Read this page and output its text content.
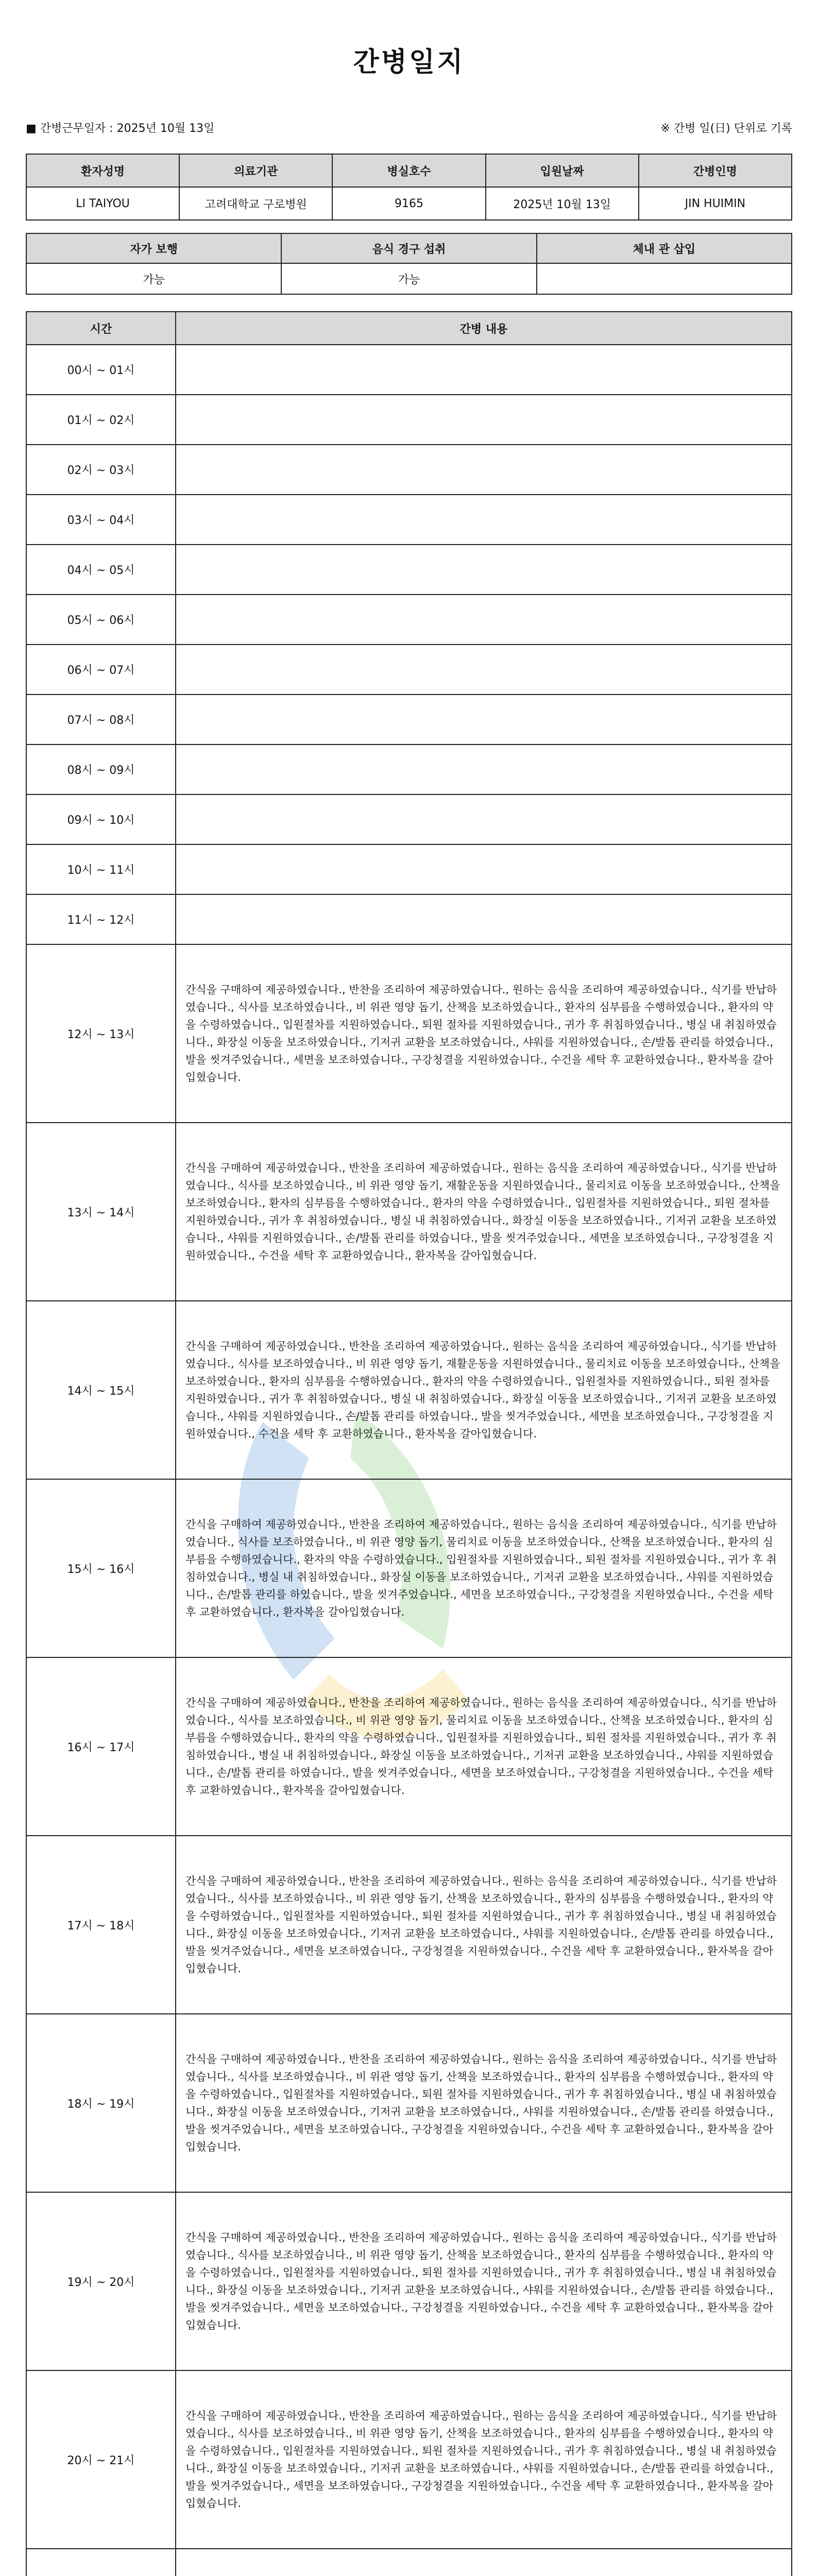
간병일지
■ 간병근무일자 : 2025년 10월 13일	※ 간병 일(日) 단위로 기록
환자성명	의료기관	병실호수	입원날짜	간병인명
LI TAIYOU	고려대학교 구로병원	9165	2025년 10월 13일	JIN HUIMIN
자가 보행	음식 경구 섭취	체내 관 삽입
가능	가능	
시간	간병 내용
00시 ~ 01시	
01시 ~ 02시	
02시 ~ 03시	
03시 ~ 04시	
04시 ~ 05시	
05시 ~ 06시	
06시 ~ 07시	
07시 ~ 08시	
08시 ~ 09시	
09시 ~ 10시	
10시 ~ 11시	
11시 ~ 12시	
12시 ~ 13시	간식을 구매하여 제공하였습니다., 반찬을 조리하여 제공하였습니다., 원하는 음식을 조리하여 제공하였습니다., 식기를 반납하였습니다., 식사를 보조하였습니다., 비 위관 영양 돕기, 산책을 보조하였습니다., 환자의 심부름을 수행하였습니다., 환자의 약을 수령하였습니다., 입원절차를 지원하였습니다., 퇴원 절차를 지원하였습니다., 귀가 후 취침하였습니다., 병실 내 취침하였습니다., 화장실 이동을 보조하였습니다., 기저귀 교환을 보조하였습니다., 샤워를 지원하였습니다., 손/발톱 관리를 하였습니다., 발을 씻겨주었습니다., 세면을 보조하였습니다., 구강청결을 지원하였습니다., 수건을 세탁 후 교환하였습니다., 환자복을 갈아입혔습니다.
13시 ~ 14시	간식을 구매하여 제공하였습니다., 반찬을 조리하여 제공하였습니다., 원하는 음식을 조리하여 제공하였습니다., 식기를 반납하였습니다., 식사를 보조하였습니다., 비 위관 영양 돕기, 재활운동을 지원하였습니다., 물리치료 이동을 보조하였습니다., 산책을 보조하였습니다., 환자의 심부름을 수행하였습니다., 환자의 약을 수령하였습니다., 입원절차를 지원하였습니다., 퇴원 절차를 지원하였습니다., 귀가 후 취침하였습니다., 병실 내 취침하였습니다., 화장실 이동을 보조하였습니다., 기저귀 교환을 보조하였습니다., 샤워를 지원하였습니다., 손/발톱 관리를 하였습니다., 발을 씻겨주었습니다., 세면을 보조하였습니다., 구강청결을 지원하였습니다., 수건을 세탁 후 교환하였습니다., 환자복을 갈아입혔습니다.
14시 ~ 15시	간식을 구매하여 제공하였습니다., 반찬을 조리하여 제공하였습니다., 원하는 음식을 조리하여 제공하였습니다., 식기를 반납하였습니다., 식사를 보조하였습니다., 비 위관 영양 돕기, 재활운동을 지원하였습니다., 물리치료 이동을 보조하였습니다., 산책을 보조하였습니다., 환자의 심부름을 수행하였습니다., 환자의 약을 수령하였습니다., 입원절차를 지원하였습니다., 퇴원 절차를 지원하였습니다., 귀가 후 취침하였습니다., 병실 내 취침하였습니다., 화장실 이동을 보조하였습니다., 기저귀 교환을 보조하였습니다., 샤워를 지원하였습니다., 손/발톱 관리를 하였습니다., 발을 씻겨주었습니다., 세면을 보조하였습니다., 구강청결을 지원하였습니다., 수건을 세탁 후 교환하였습니다., 환자복을 갈아입혔습니다.
15시 ~ 16시	간식을 구매하여 제공하였습니다., 반찬을 조리하여 제공하였습니다., 원하는 음식을 조리하여 제공하였습니다., 식기를 반납하였습니다., 식사를 보조하였습니다., 비 위관 영양 돕기, 물리치료 이동을 보조하였습니다., 산책을 보조하였습니다., 환자의 심부름을 수행하였습니다., 환자의 약을 수령하였습니다., 입원절차를 지원하였습니다., 퇴원 절차를 지원하였습니다., 귀가 후 취침하였습니다., 병실 내 취침하였습니다., 화장실 이동을 보조하였습니다., 기저귀 교환을 보조하였습니다., 샤워를 지원하였습니다., 손/발톱 관리를 하였습니다., 발을 씻겨주었습니다., 세면을 보조하였습니다., 구강청결을 지원하였습니다., 수건을 세탁 후 교환하였습니다., 환자복을 갈아입혔습니다.
16시 ~ 17시	간식을 구매하여 제공하였습니다., 반찬을 조리하여 제공하였습니다., 원하는 음식을 조리하여 제공하였습니다., 식기를 반납하였습니다., 식사를 보조하였습니다., 비 위관 영양 돕기, 물리치료 이동을 보조하였습니다., 산책을 보조하였습니다., 환자의 심부름을 수행하였습니다., 환자의 약을 수령하였습니다., 입원절차를 지원하였습니다., 퇴원 절차를 지원하였습니다., 귀가 후 취침하였습니다., 병실 내 취침하였습니다., 화장실 이동을 보조하였습니다., 기저귀 교환을 보조하였습니다., 샤워를 지원하였습니다., 손/발톱 관리를 하였습니다., 발을 씻겨주었습니다., 세면을 보조하였습니다., 구강청결을 지원하였습니다., 수건을 세탁 후 교환하였습니다., 환자복을 갈아입혔습니다.
17시 ~ 18시	간식을 구매하여 제공하였습니다., 반찬을 조리하여 제공하였습니다., 원하는 음식을 조리하여 제공하였습니다., 식기를 반납하였습니다., 식사를 보조하였습니다., 비 위관 영양 돕기, 산책을 보조하였습니다., 환자의 심부름을 수행하였습니다., 환자의 약을 수령하였습니다., 입원절차를 지원하였습니다., 퇴원 절차를 지원하였습니다., 귀가 후 취침하였습니다., 병실 내 취침하였습니다., 화장실 이동을 보조하였습니다., 기저귀 교환을 보조하였습니다., 샤워를 지원하였습니다., 손/발톱 관리를 하였습니다., 발을 씻겨주었습니다., 세면을 보조하였습니다., 구강청결을 지원하였습니다., 수건을 세탁 후 교환하였습니다., 환자복을 갈아입혔습니다.
18시 ~ 19시	간식을 구매하여 제공하였습니다., 반찬을 조리하여 제공하였습니다., 원하는 음식을 조리하여 제공하였습니다., 식기를 반납하였습니다., 식사를 보조하였습니다., 비 위관 영양 돕기, 산책을 보조하였습니다., 환자의 심부름을 수행하였습니다., 환자의 약을 수령하였습니다., 입원절차를 지원하였습니다., 퇴원 절차를 지원하였습니다., 귀가 후 취침하였습니다., 병실 내 취침하였습니다., 화장실 이동을 보조하였습니다., 기저귀 교환을 보조하였습니다., 샤워를 지원하였습니다., 손/발톱 관리를 하였습니다., 발을 씻겨주었습니다., 세면을 보조하였습니다., 구강청결을 지원하였습니다., 수건을 세탁 후 교환하였습니다., 환자복을 갈아입혔습니다.
19시 ~ 20시	간식을 구매하여 제공하였습니다., 반찬을 조리하여 제공하였습니다., 원하는 음식을 조리하여 제공하였습니다., 식기를 반납하였습니다., 식사를 보조하였습니다., 비 위관 영양 돕기, 산책을 보조하였습니다., 환자의 심부름을 수행하였습니다., 환자의 약을 수령하였습니다., 입원절차를 지원하였습니다., 퇴원 절차를 지원하였습니다., 귀가 후 취침하였습니다., 병실 내 취침하였습니다., 화장실 이동을 보조하였습니다., 기저귀 교환을 보조하였습니다., 샤워를 지원하였습니다., 손/발톱 관리를 하였습니다., 발을 씻겨주었습니다., 세면을 보조하였습니다., 구강청결을 지원하였습니다., 수건을 세탁 후 교환하였습니다., 환자복을 갈아입혔습니다.
20시 ~ 21시	간식을 구매하여 제공하였습니다., 반찬을 조리하여 제공하였습니다., 원하는 음식을 조리하여 제공하였습니다., 식기를 반납하였습니다., 식사를 보조하였습니다., 비 위관 영양 돕기, 산책을 보조하였습니다., 환자의 심부름을 수행하였습니다., 환자의 약을 수령하였습니다., 입원절차를 지원하였습니다., 퇴원 절차를 지원하였습니다., 귀가 후 취침하였습니다., 병실 내 취침하였습니다., 화장실 이동을 보조하였습니다., 기저귀 교환을 보조하였습니다., 샤워를 지원하였습니다., 손/발톱 관리를 하였습니다., 발을 씻겨주었습니다., 세면을 보조하였습니다., 구강청결을 지원하였습니다., 수건을 세탁 후 교환하였습니다., 환자복을 갈아입혔습니다.
